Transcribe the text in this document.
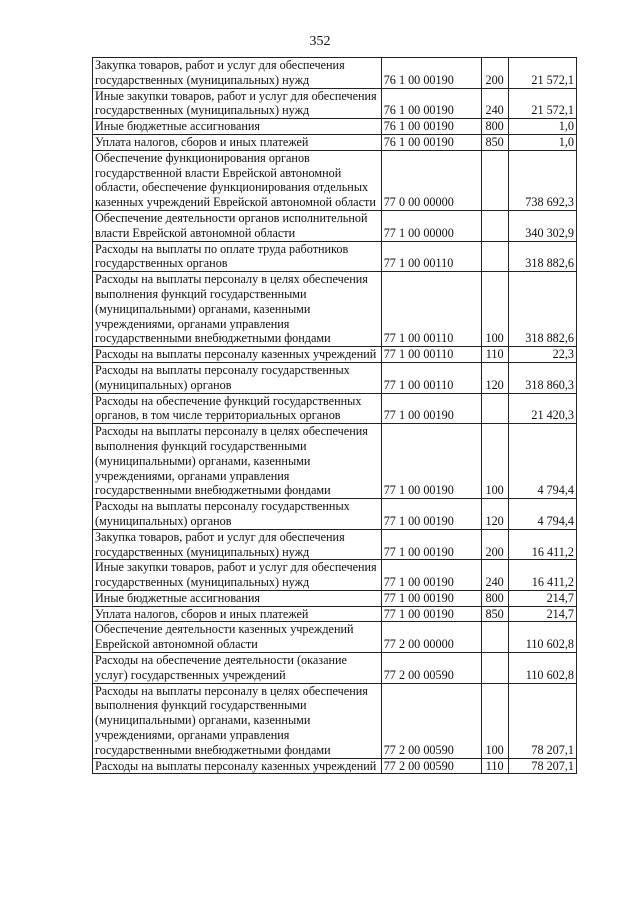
352
Закупка товаров, работ и услуг для обеспечения государственных (муниципальных) нужд	76 1 00 00190	200	21 572,1
Иные закупки товаров, работ и услуг для обеспечения государственных (муниципальных) нужд	76 1 00 00190	240	21 572,1
Иные бюджетные ассигнования	76 1 00 00190	800	1,0
Уплата налогов, сборов и иных платежей	76 1 00 00190	850	1,0
Обеспечение функционирования органов государственной власти Еврейской автономной области, обеспечение функционирования отдельных казенных учреждений Еврейской автономной области	77 0 00 00000		738 692,3
Обеспечение деятельности органов исполнительной власти Еврейской автономной области	77 1 00 00000		340 302,9
Расходы на выплаты по оплате труда работников государственных органов	77 1 00 00110		318 882,6
Расходы на выплаты персоналу в целях обеспечения выполнения функций государственными (муниципальными) органами, казенными учреждениями, органами управления государственными внебюджетными фондами	77 1 00 00110	100	318 882,6
Расходы на выплаты персоналу казенных учреждений	77 1 00 00110	110	22,3
Расходы на выплаты персоналу государственных (муниципальных) органов	77 1 00 00110	120	318 860,3
Расходы на обеспечение функций государственных органов, в том числе территориальных органов	77 1 00 00190		21 420,3
Расходы на выплаты персоналу в целях обеспечения выполнения функций государственными (муниципальными) органами, казенными учреждениями, органами управления государственными внебюджетными фондами	77 1 00 00190	100	4 794,4
Расходы на выплаты персоналу государственных (муниципальных) органов	77 1 00 00190	120	4 794,4
Закупка товаров, работ и услуг для обеспечения государственных (муниципальных) нужд	77 1 00 00190	200	16 411,2
Иные закупки товаров, работ и услуг для обеспечения государственных (муниципальных) нужд	77 1 00 00190	240	16 411,2
Иные бюджетные ассигнования	77 1 00 00190	800	214,7
Уплата налогов, сборов и иных платежей	77 1 00 00190	850	214,7
Обеспечение деятельности казенных учреждений Еврейской автономной области	77 2 00 00000		110 602,8
Расходы на обеспечение деятельности (оказание услуг) государственных учреждений	77 2 00 00590		110 602,8
Расходы на выплаты персоналу в целях обеспечения выполнения функций государственными (муниципальными) органами, казенными учреждениями, органами управления государственными внебюджетными фондами	77 2 00 00590	100	78 207,1
Расходы на выплаты персоналу казенных учреждений	77 2 00 00590	110	78 207,1
